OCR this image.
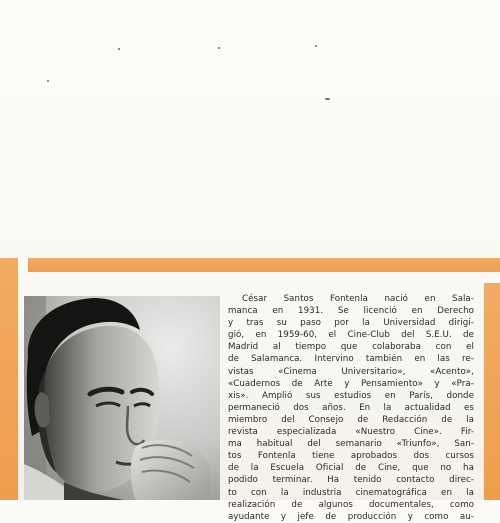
César Santos Fontenla nació en Sala-
manca en 1931. Se licenció en Derecho
y tras su paso por la Universidad dirigi-
gió, en 1959-60, el Cine-Club del S.E.U. de
Madrid al tiempo que colaboraba con el
de Salamanca. Intervino también en las re-
vistas «Cinema Universitario», «Acento»,
«Cuadernos de Arte y Pensamiento» y «Pra-
xis». Amplió sus estudios en París, donde
permaneció dos años. En la actualidad es
miembro del Consejo de Redacción de la
revista especializada «Nuestro Cine». Fir-
ma habitual del semanario «Triunfo», San-
tos Fontenla tiene aprobados dos cursos
de la Escuela Oficial de Cine, que no ha
podido terminar. Ha tenido contacto direc-
to con la industria cinematográfica en la
realización de algunos documentales, como
ayudante y jefe de producción y como au-
